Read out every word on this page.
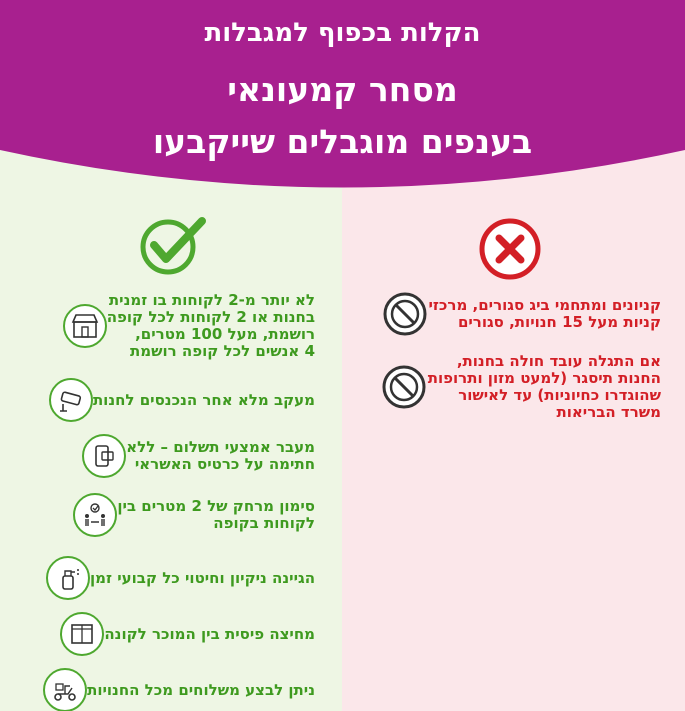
הקלות בכפוף למגבלות
מסחר קמעונאי
בענפים מוגבלים שייקבעו
לא יותר מ-2 לקוחות בו זמנית
בחנות או 2 לקוחות לכל קופה
רושמת, מעל 100 מטרים,
4 אנשים לכל קופה רושמת
מעקב מלא אחר הנכנסים לחנות
מעבר אמצעי תשלום – ללא
חתימה על כרטיס האשראי
סימון מרחק של 2 מטרים בין
לקוחות בקופה
הגיינה ניקיון וחיטוי כל קבועי זמן
מחיצה פיסית בין המוכר לקונה
ניתן לבצע משלוחים מכל החנויות
קניונים ומתחמי ביג סגורים, מרכזי
קניות מעל 15 חנויות, סגורים
אם התגלה עובד חולה בחנות,
החנות תיסגר (למעט מזון ותרופות
שהוגדרו כחיוניות) עד לאישור
משרד הבריאות
